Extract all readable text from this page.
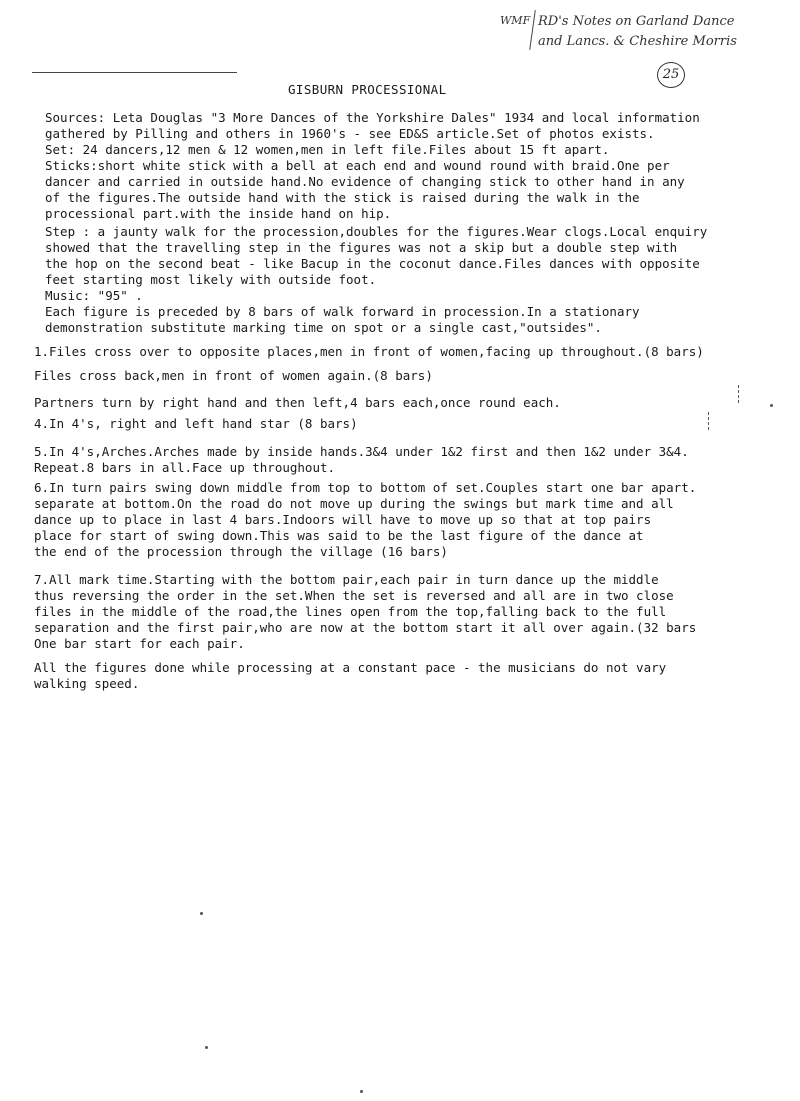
WMF RD's Notes on Garland Dance
and Lancs. & Cheshire Morris
25
GISBURN PROCESSIONAL
Sources: Leta Douglas "3 More Dances of the Yorkshire Dales" 1934 and local information
gathered by Pilling and others in 1960's - see ED&S article.Set of photos exists.
Set: 24 dancers,12 men & 12 women,men in left file.Files about 15 ft apart.
Sticks:short white stick with a bell at each end and wound round with braid.One per
dancer and carried in outside hand.No evidence of changing stick to other hand in any
of the figures.The outside hand with the stick is raised during the walk in the
processional part.with the inside hand on hip.
Step : a jaunty walk for the procession,doubles for the figures.Wear clogs.Local enquiry
showed that the travelling step in the figures was not a skip but a double step with
the hop on the second beat - like Bacup in the coconut dance.Files dances with opposite
feet starting most likely with outside foot.
Music: "95" .
Each figure is preceded by 8 bars of walk forward in procession.In a stationary
demonstration substitute marking time on spot or a single cast,"outsides".
1.Files cross over to opposite places,men in front of women,facing up throughout.(8 bars)
Files cross back,men in front of women again.(8 bars)
Partners turn by right hand and then left,4 bars each,once round each.
4.In 4's, right and left hand star (8 bars)
5.In 4's,Arches.Arches made by inside hands.3&4 under 1&2 first and then 1&2 under 3&4.
Repeat.8 bars in all.Face up throughout.
6.In turn pairs swing down middle from top to bottom of set.Couples start one bar apart.
separate at bottom.On the road do not move up during the swings but mark time and all
dance up to place in last 4 bars.Indoors will have to move up so that at top pairs
place for start of swing down.This was said to be the last figure of the dance at
the end of the procession through the village (16 bars)
7.All mark time.Starting with the bottom pair,each pair in turn dance up the middle
thus reversing the order in the set.When the set is reversed and all are in two close
files in the middle of the road,the lines open from the top,falling back to the full
separation and the first pair,who are now at the bottom start it all over again.(32 bars
One bar start for each pair.
All the figures done while processing at a constant pace - the musicians do not vary
walking speed.
